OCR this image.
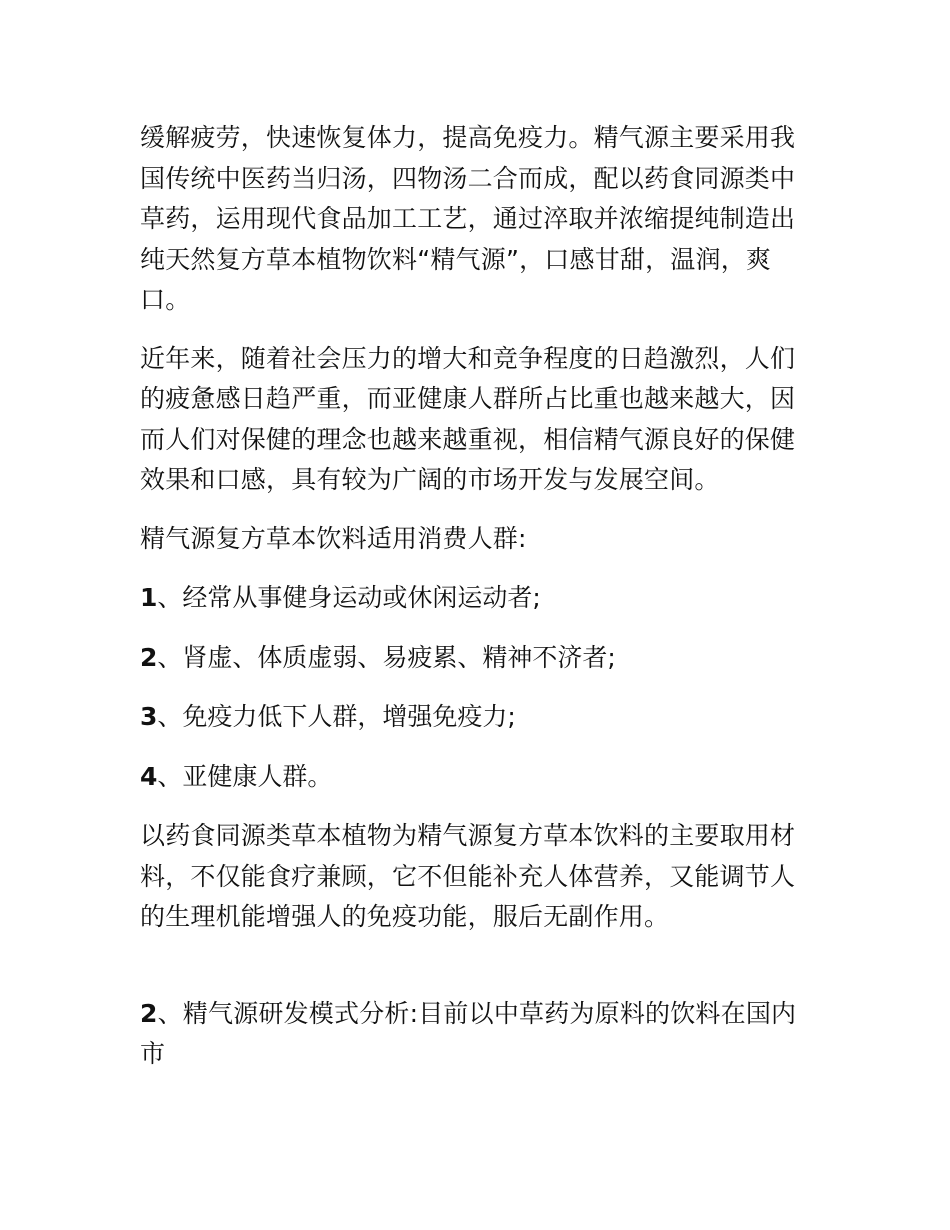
缓解疲劳，快速恢复体力，提高免疫力。精气源主要采用我国传统中医药当归汤，四物汤二合而成，配以药食同源类中草药，运用现代食品加工工艺，通过淬取并浓缩提纯制造出纯天然复方草本植物饮料“精气源”，口感甘甜，温润，爽口。

近年来，随着社会压力的增大和竞争程度的日趋激烈，人们的疲惫感日趋严重，而亚健康人群所占比重也越来越大，因而人们对保健的理念也越来越重视，相信精气源良好的保健效果和口感，具有较为广阔的市场开发与发展空间。

精气源复方草本饮料适用消费人群:

1、经常从事健身运动或休闲运动者;

2、肾虚、体质虚弱、易疲累、精神不济者;

3、免疫力低下人群，增强免疫力;

4、亚健康人群。

以药食同源类草本植物为精气源复方草本饮料的主要取用材料，不仅能食疗兼顾，它不但能补充人体营养，又能调节人的生理机能增强人的免疫功能，服后无副作用。

2、精气源研发模式分析:目前以中草药为原料的饮料在国内市
